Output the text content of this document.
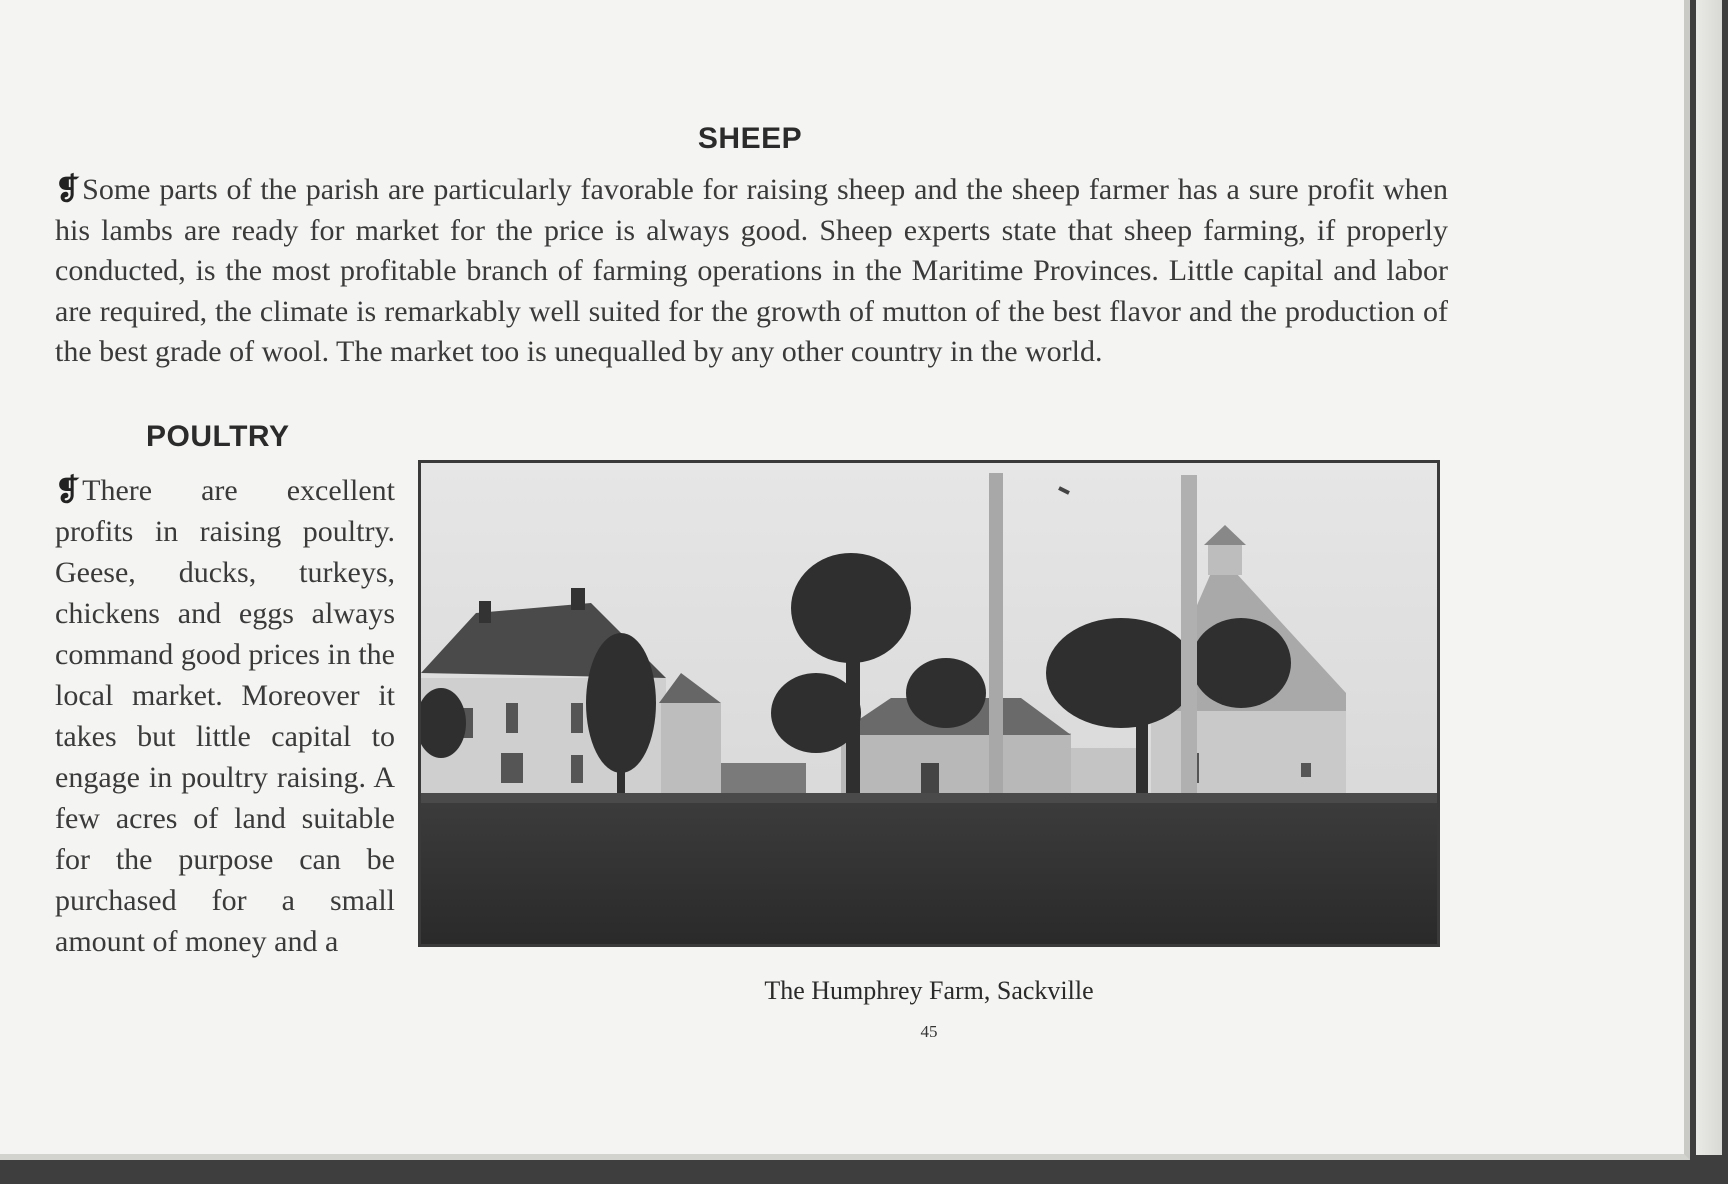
SHEEP

❡Some parts of the parish are particularly favorable for raising sheep and the sheep farmer has a sure profit when his lambs are ready for market for the price is always good. Sheep experts state that sheep farming, if properly conducted, is the most profitable branch of farming operations in the Maritime Provinces. Little capital and labor are required, the climate is remarkably well suited for the growth of mutton of the best flavor and the production of the best grade of wool. The market too is unequalled by any other country in the world.

POULTRY

❡There are excellent profits in raising poultry. Geese, ducks, turkeys, chickens and eggs always command good prices in the local market. Moreover it takes but little capital to engage in poultry raising. A few acres of land suitable for the purpose can be purchased for a small amount of money and a

The Humphrey Farm, Sackville

45
